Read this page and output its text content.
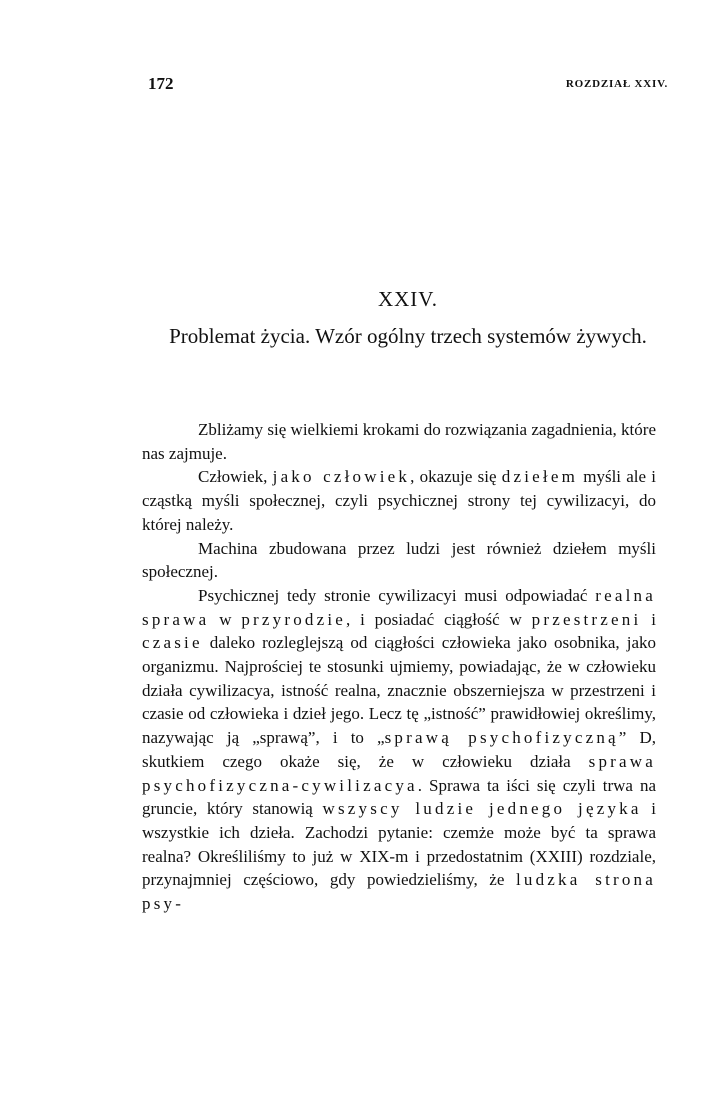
172	ROZDZIAŁ XXIV.
XXIV.
Problemat życia. Wzór ogólny trzech systemów żywych.

Zbliżamy się wielkiemi krokami do rozwiązania zagadnienia, które nas zajmuje.

Człowiek, jako człowiek, okazuje się dziełem myśli ale i cząstką myśli społecznej, czyli psychicznej strony tej cywilizacyi, do której należy.

Machina zbudowana przez ludzi jest również dziełem myśli społecznej.

Psychicznej tedy stronie cywilizacyi musi odpowiadać realna sprawa w przyrodzie, i posiadać ciągłość w przestrzeni i czasie daleko rozleglejszą od ciągłości człowieka jako osobnika, jako organizmu. Najprościej te stosunki ujmiemy, powiadając, że w człowieku działa cywilizacya, istność realna, znacznie obszerniejsza w przestrzeni i czasie od człowieka i dzieł jego. Lecz tę „istność” prawidłowiej określimy, nazywając ją „sprawą”, i to „sprawą psychofizyczną” D, skutkiem czego okaże się, że w człowieku działa sprawa psychofizyczna-cywilizacya. Sprawa ta iści się czyli trwa na gruncie, który stanowią wszyscy ludzie jednego języka i wszystkie ich dzieła. Zachodzi pytanie: czemże może być ta sprawa realna? Określiliśmy to już w XIX-m i przedostatnim (XXIII) rozdziale, przynajmniej częściowo, gdy powiedzieliśmy, że ludzka strona psy-
